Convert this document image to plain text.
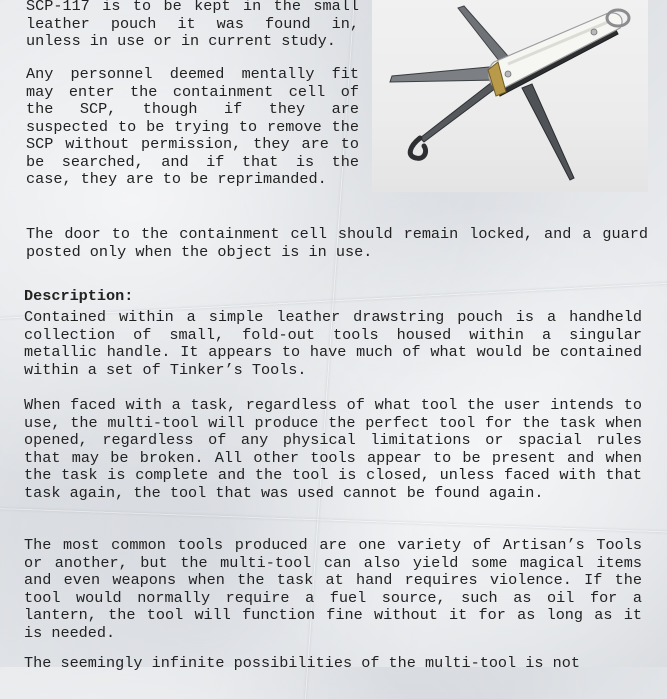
SCP-117 is to be kept in the small leather pouch it was found in, unless in use or in current study.

Any personnel deemed mentally fit may enter the containment cell of the SCP, though if they are suspected to be trying to remove the SCP without permission, they are to be searched, and if that is the case, they are to be reprimanded.

The door to the containment cell should remain locked, and a guard posted only when the object is in use.

Description:

Contained within a simple leather drawstring pouch is a handheld collection of small, fold-out tools housed within a singular metallic handle. It appears to have much of what would be contained within a set of Tinker’s Tools.

When faced with a task, regardless of what tool the user intends to use, the multi-tool will produce the perfect tool for the task when opened, regardless of any physical limitations or spacial rules that may be broken. All other tools appear to be present and when the task is complete and the tool is closed, unless faced with that task again, the tool that was used cannot be found again.

The most common tools produced are one variety of Artisan’s Tools or another, but the multi-tool can also yield some magical items and even weapons when the task at hand requires violence. If the tool would normally require a fuel source, such as oil for a lantern, the tool will function fine without it for as long as it is needed.

The seemingly infinite possibilities of the multi-tool is not
